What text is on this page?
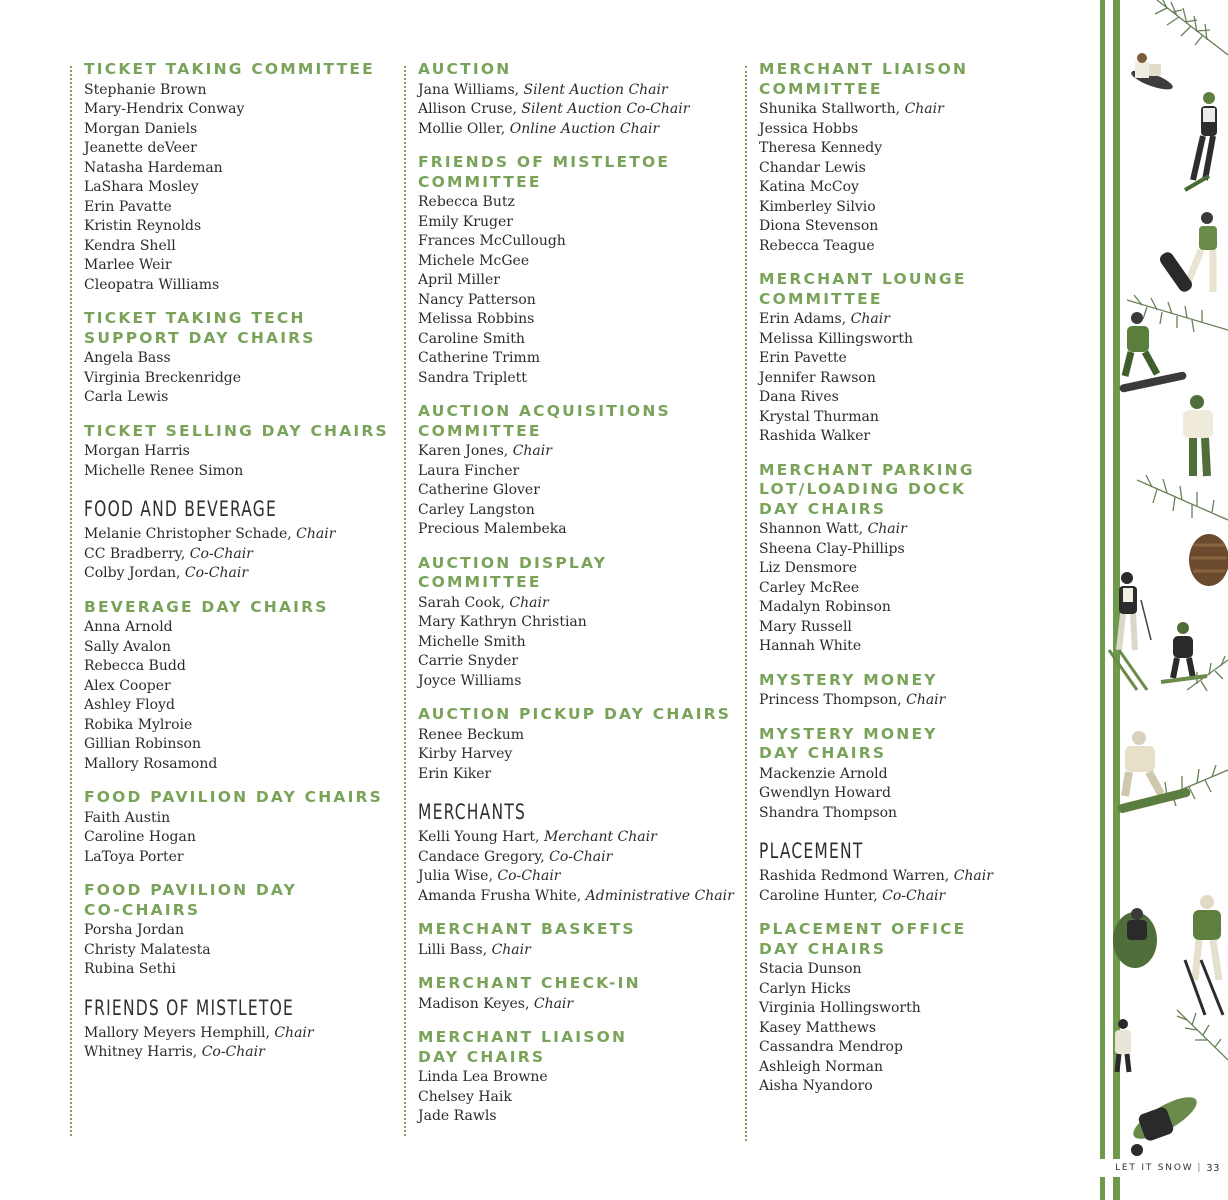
TICKET TAKING COMMITTEE
Stephanie Brown
Mary-Hendrix Conway
Morgan Daniels
Jeanette deVeer
Natasha Hardeman
LaShara Mosley
Erin Pavatte
Kristin Reynolds
Kendra Shell
Marlee Weir
Cleopatra Williams
TICKET TAKING TECH
SUPPORT DAY CHAIRS
Angela Bass
Virginia Breckenridge
Carla Lewis
TICKET SELLING DAY CHAIRS
Morgan Harris
Michelle Renee Simon
FOOD AND BEVERAGE
Melanie Christopher Schade, Chair
CC Bradberry, Co-Chair
Colby Jordan, Co-Chair
BEVERAGE DAY CHAIRS
Anna Arnold
Sally Avalon
Rebecca Budd
Alex Cooper
Ashley Floyd
Robika Mylroie
Gillian Robinson
Mallory Rosamond
FOOD PAVILION DAY CHAIRS
Faith Austin
Caroline Hogan
LaToya Porter
FOOD PAVILION DAY
CO-CHAIRS
Porsha Jordan
Christy Malatesta
Rubina Sethi
FRIENDS OF MISTLETOE
Mallory Meyers Hemphill, Chair
Whitney Harris, Co-Chair
AUCTION
Jana Williams, Silent Auction Chair
Allison Cruse, Silent Auction Co-Chair
Mollie Oller, Online Auction Chair
FRIENDS OF MISTLETOE
COMMITTEE
Rebecca Butz
Emily Kruger
Frances McCullough
Michele McGee
April Miller
Nancy Patterson
Melissa Robbins
Caroline Smith
Catherine Trimm
Sandra Triplett
AUCTION ACQUISITIONS
COMMITTEE
Karen Jones, Chair
Laura Fincher
Catherine Glover
Carley Langston
Precious Malembeka
AUCTION DISPLAY COMMITTEE
Sarah Cook, Chair
Mary Kathryn Christian
Michelle Smith
Carrie Snyder
Joyce Williams
AUCTION PICKUP DAY CHAIRS
Renee Beckum
Kirby Harvey
Erin Kiker
MERCHANTS
Kelli Young Hart, Merchant Chair
Candace Gregory, Co-Chair
Julia Wise, Co-Chair
Amanda Frusha White, Administrative Chair
MERCHANT BASKETS
Lilli Bass, Chair
MERCHANT CHECK-IN
Madison Keyes, Chair
MERCHANT LIAISON
DAY CHAIRS
Linda Lea Browne
Chelsey Haik
Jade Rawls
MERCHANT LIAISON
COMMITTEE
Shunika Stallworth, Chair
Jessica Hobbs
Theresa Kennedy
Chandar Lewis
Katina McCoy
Kimberley Silvio
Diona Stevenson
Rebecca Teague
MERCHANT LOUNGE
COMMITTEE
Erin Adams, Chair
Melissa Killingsworth
Erin Pavette
Jennifer Rawson
Dana Rives
Krystal Thurman
Rashida Walker
MERCHANT PARKING
LOT/LOADING DOCK
DAY CHAIRS
Shannon Watt, Chair
Sheena Clay-Phillips
Liz Densmore
Carley McRee
Madalyn Robinson
Mary Russell
Hannah White
MYSTERY MONEY
Princess Thompson, Chair
MYSTERY MONEY
DAY CHAIRS
Mackenzie Arnold
Gwendlyn Howard
Shandra Thompson
PLACEMENT
Rashida Redmond Warren, Chair
Caroline Hunter, Co-Chair
PLACEMENT OFFICE
DAY CHAIRS
Stacia Dunson
Carlyn Hicks
Virginia Hollingsworth
Kasey Matthews
Cassandra Mendrop
Ashleigh Norman
Aisha Nyandoro
LET IT SNOW | 33
